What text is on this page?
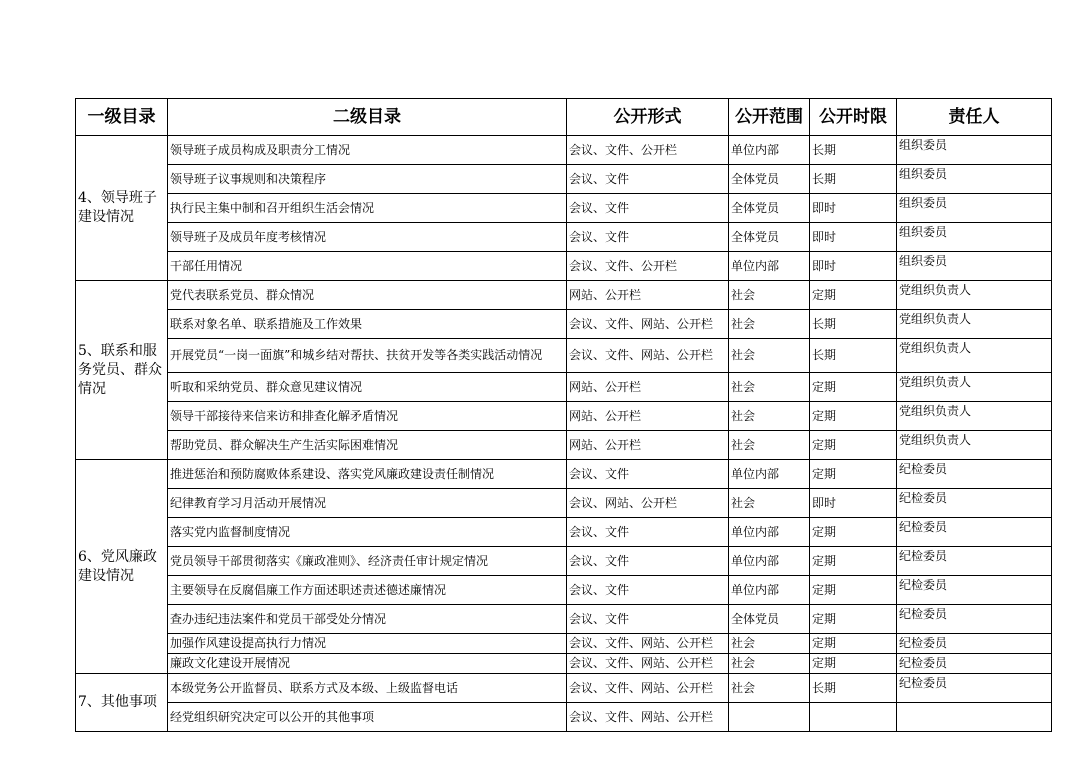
一级目录	二级目录	公开形式	公开范围	公开时限	责任人
4、领导班子建设情况	领导班子成员构成及职责分工情况	会议、文件、公开栏	单位内部	长期	组织委员
	领导班子议事规则和决策程序	会议、文件	全体党员	长期	组织委员
	执行民主集中制和召开组织生活会情况	会议、文件	全体党员	即时	组织委员
	领导班子及成员年度考核情况	会议、文件	全体党员	即时	组织委员
	干部任用情况	会议、文件、公开栏	单位内部	即时	组织委员
5、联系和服务党员、群众情况	党代表联系党员、群众情况	网站、公开栏	社会	定期	党组织负责人
	联系对象名单、联系措施及工作效果	会议、文件、网站、公开栏	社会	长期	党组织负责人
	开展党员“一岗一面旗”和城乡结对帮扶、扶贫开发等各类实践活动情况	会议、文件、网站、公开栏	社会	长期	党组织负责人
	听取和采纳党员、群众意见建议情况	网站、公开栏	社会	定期	党组织负责人
	领导干部接待来信来访和排查化解矛盾情况	网站、公开栏	社会	定期	党组织负责人
	帮助党员、群众解决生产生活实际困难情况	网站、公开栏	社会	定期	党组织负责人
6、党风廉政建设情况	推进惩治和预防腐败体系建设、落实党风廉政建设责任制情况	会议、文件	单位内部	定期	纪检委员
	纪律教育学习月活动开展情况	会议、网站、公开栏	社会	即时	纪检委员
	落实党内监督制度情况	会议、文件	单位内部	定期	纪检委员
	党员领导干部贯彻落实《廉政准则》、经济责任审计规定情况	会议、文件	单位内部	定期	纪检委员
	主要领导在反腐倡廉工作方面述职述责述德述廉情况	会议、文件	单位内部	定期	纪检委员
	查办违纪违法案件和党员干部受处分情况	会议、文件	全体党员	定期	纪检委员
	加强作风建设提高执行力情况	会议、文件、网站、公开栏	社会	定期	纪检委员
	廉政文化建设开展情况	会议、文件、网站、公开栏	社会	定期	纪检委员
7、其他事项	本级党务公开监督员、联系方式及本级、上级监督电话	会议、文件、网站、公开栏	社会	长期	纪检委员
	经党组织研究决定可以公开的其他事项	会议、文件、网站、公开栏			
